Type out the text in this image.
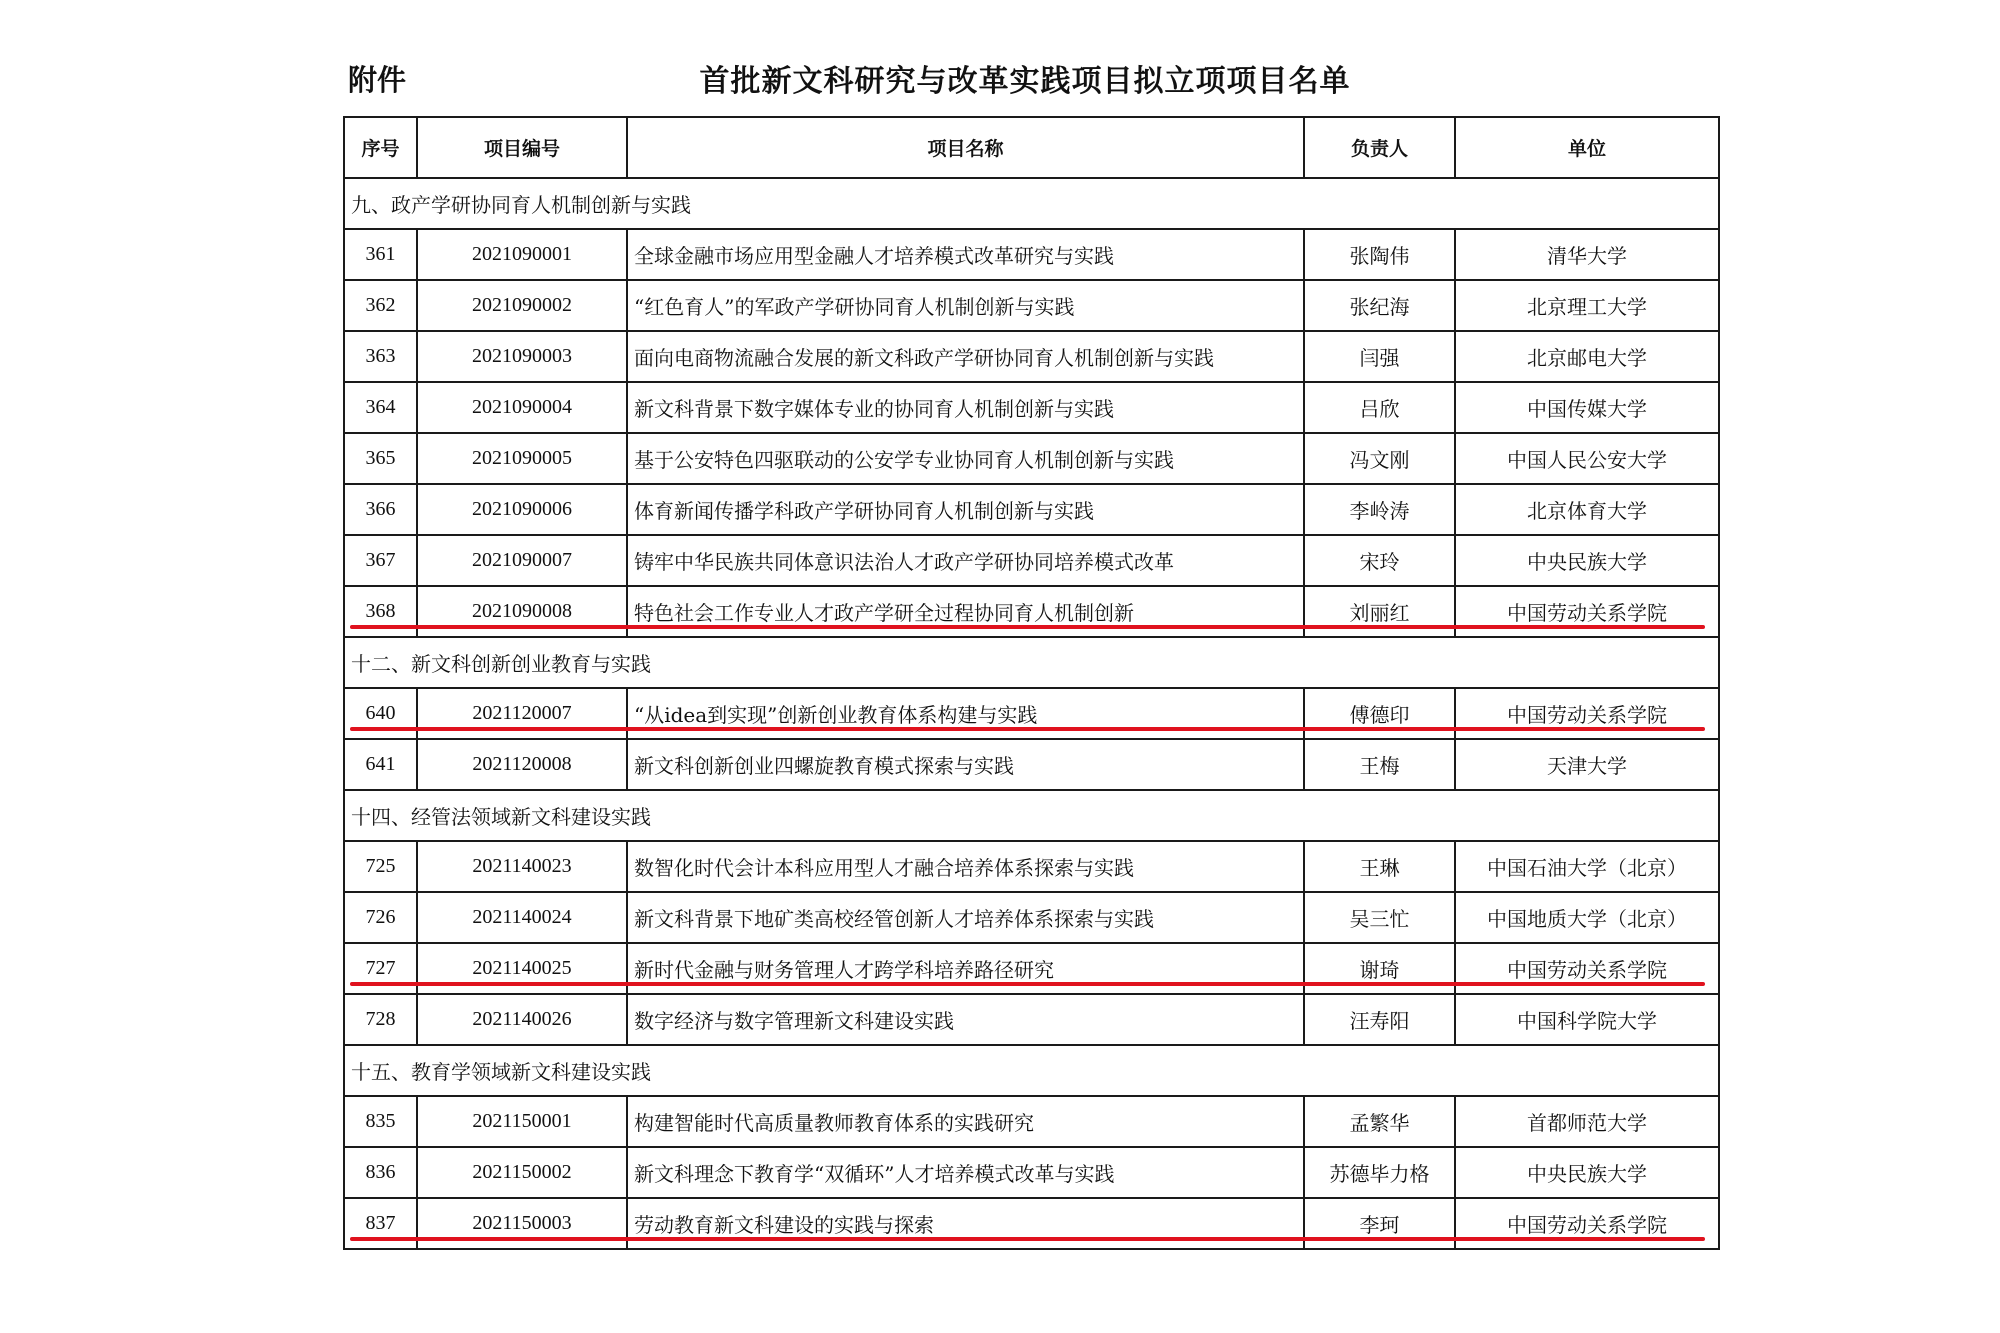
附件	首批新文科研究与改革实践项目拟立项项目名单
序号	项目编号	项目名称	负责人	单位
九、政产学研协同育人机制创新与实践				
361	2021090001	全球金融市场应用型金融人才培养模式改革研究与实践	张陶伟	清华大学
362	2021090002	“红色育人”的军政产学研协同育人机制创新与实践	张纪海	北京理工大学
363	2021090003	面向电商物流融合发展的新文科政产学研协同育人机制创新与实践	闫强	北京邮电大学
364	2021090004	新文科背景下数字媒体专业的协同育人机制创新与实践	吕欣	中国传媒大学
365	2021090005	基于公安特色四驱联动的公安学专业协同育人机制创新与实践	冯文刚	中国人民公安大学
366	2021090006	体育新闻传播学科政产学研协同育人机制创新与实践	李岭涛	北京体育大学
367	2021090007	铸牢中华民族共同体意识法治人才政产学研协同培养模式改革	宋玲	中央民族大学
368	2021090008	特色社会工作专业人才政产学研全过程协同育人机制创新	刘丽红	中国劳动关系学院
十二、新文科创新创业教育与实践				
640	2021120007	“从idea到实现”创新创业教育体系构建与实践	傅德印	中国劳动关系学院
641	2021120008	新文科创新创业四螺旋教育模式探索与实践	王梅	天津大学
十四、经管法领域新文科建设实践				
725	2021140023	数智化时代会计本科应用型人才融合培养体系探索与实践	王琳	中国石油大学（北京）
726	2021140024	新文科背景下地矿类高校经管创新人才培养体系探索与实践	吴三忙	中国地质大学（北京）
727	2021140025	新时代金融与财务管理人才跨学科培养路径研究	谢琦	中国劳动关系学院
728	2021140026	数字经济与数字管理新文科建设实践	汪寿阳	中国科学院大学
十五、教育学领域新文科建设实践				
835	2021150001	构建智能时代高质量教师教育体系的实践研究	孟繁华	首都师范大学
836	2021150002	新文科理念下教育学“双循环”人才培养模式改革与实践	苏德毕力格	中央民族大学
837	2021150003	劳动教育新文科建设的实践与探索	李珂	中国劳动关系学院
